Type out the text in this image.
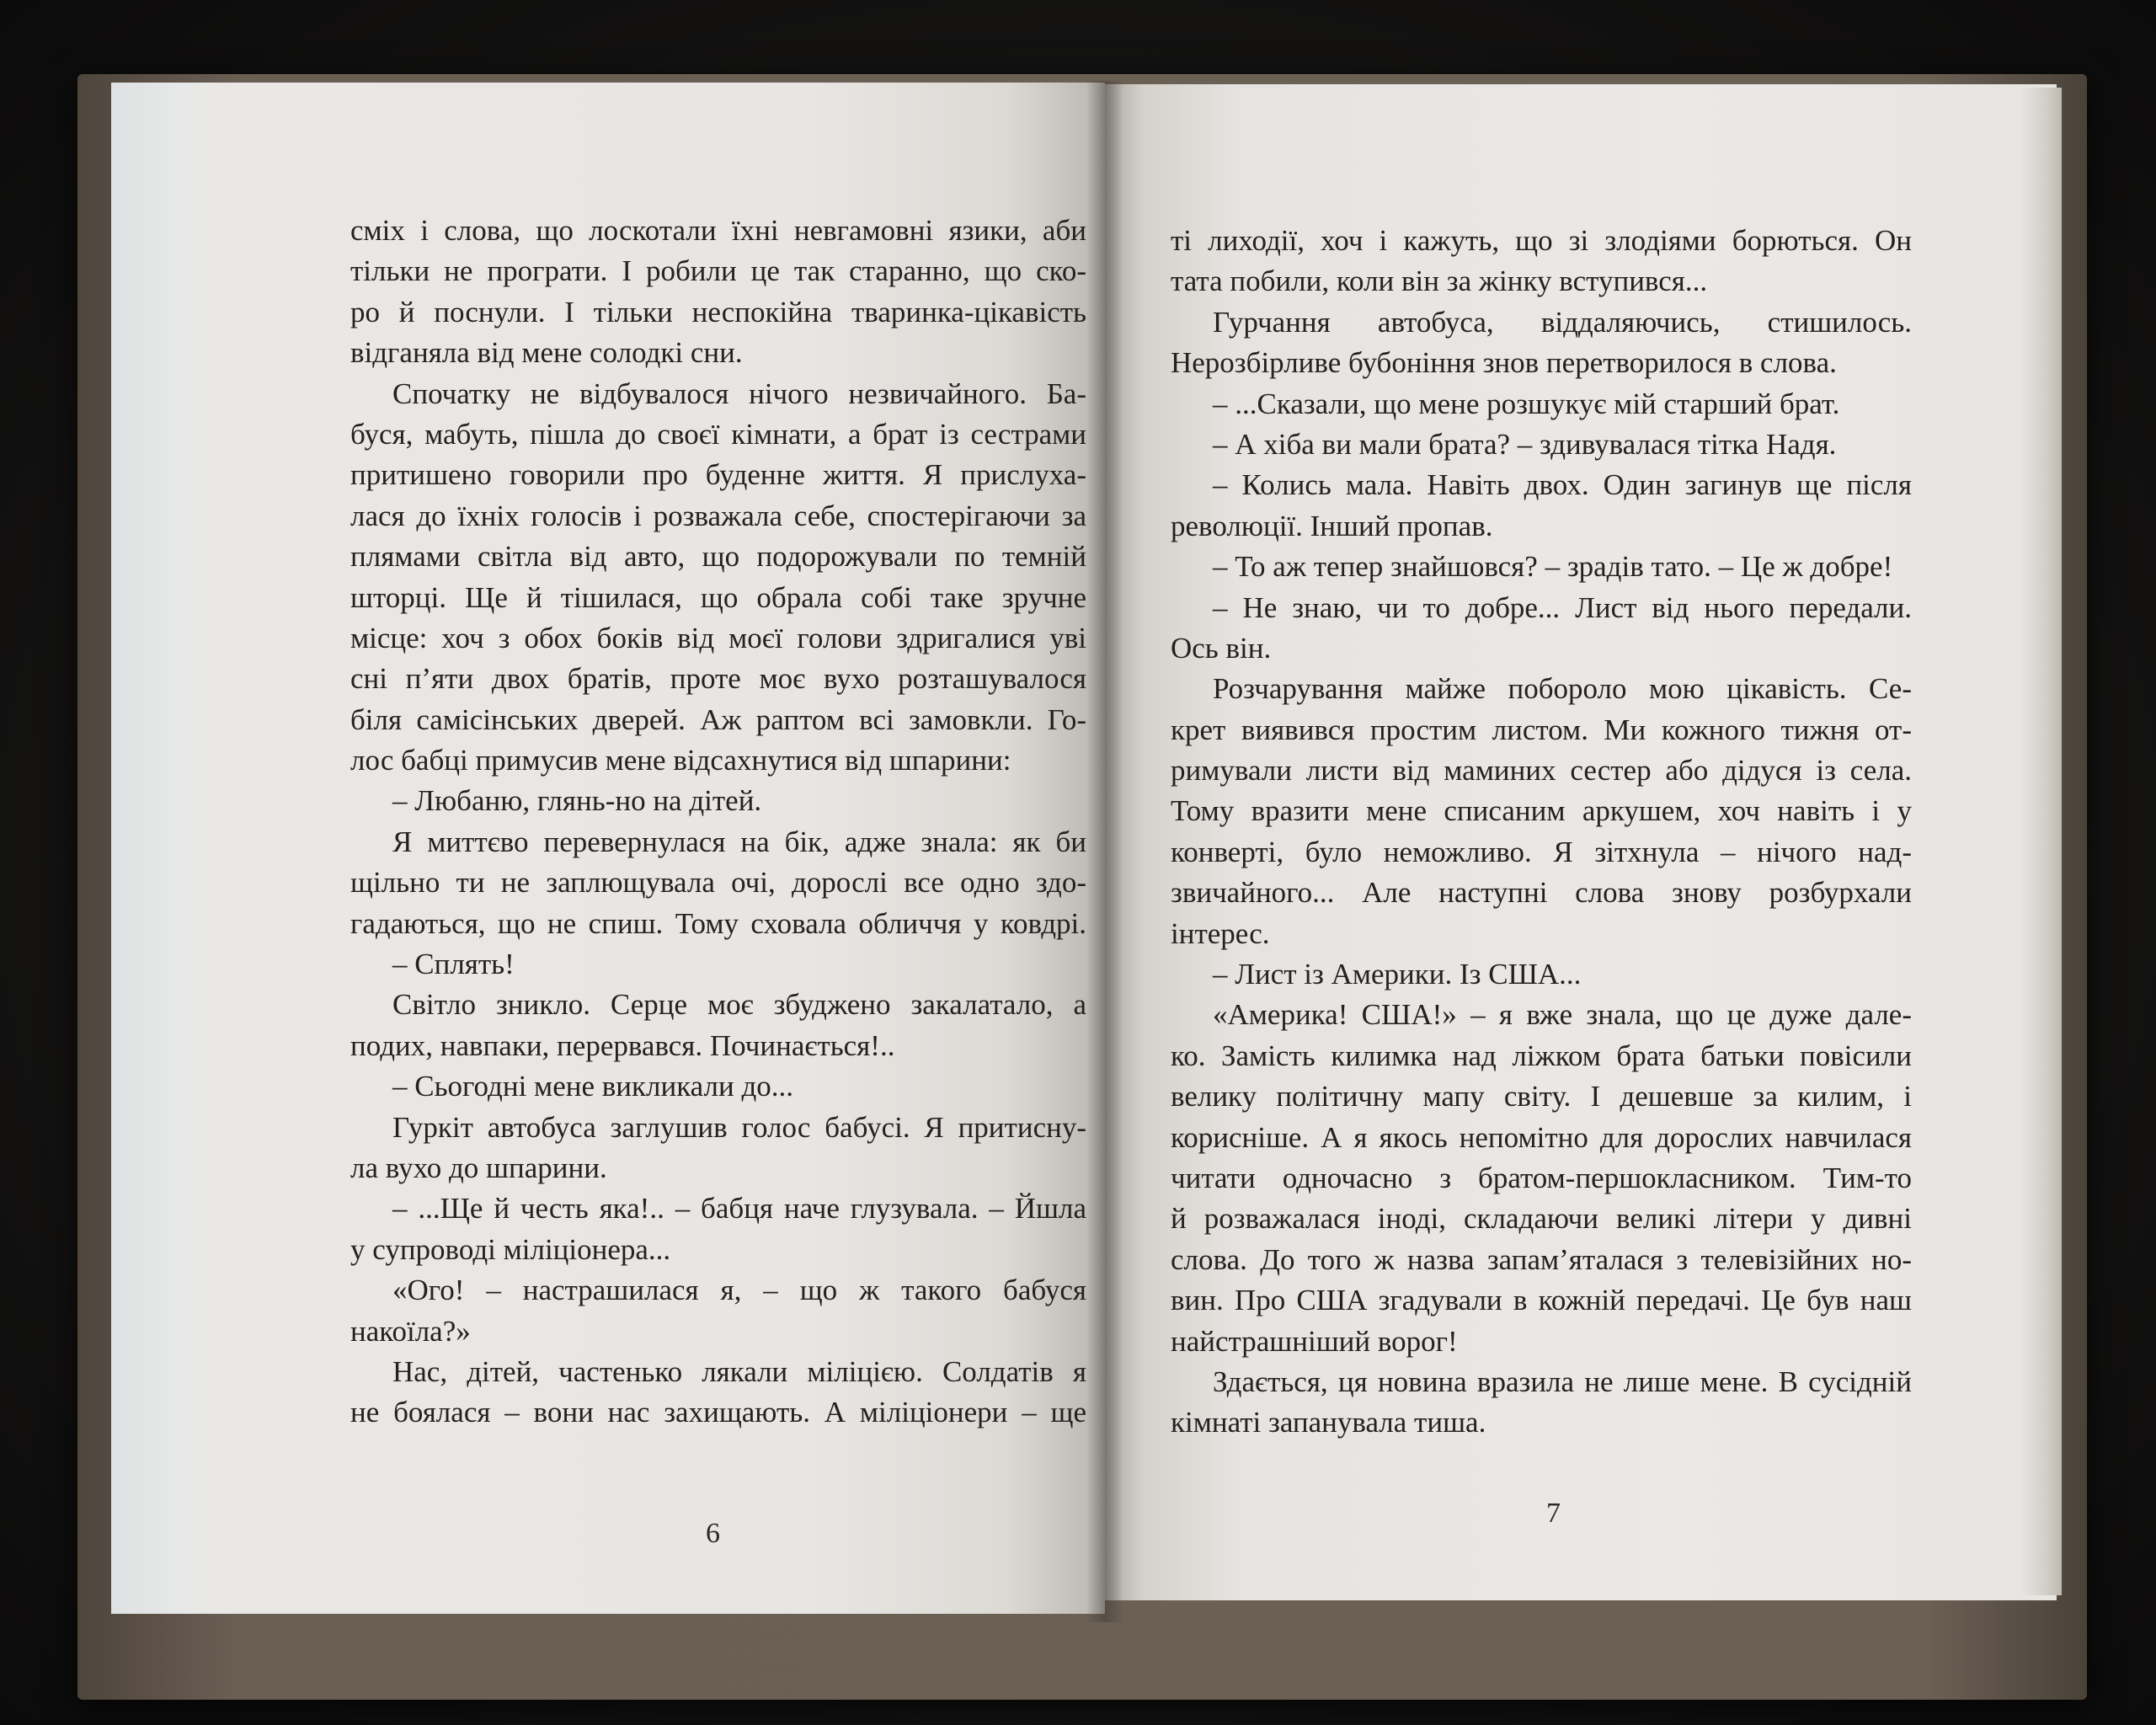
сміх і слова, що лоскотали їхні невгамовні язики, аби
тільки не програти. І робили це так старанно, що ско-
ро й поснули. І тільки неспокійна тваринка-цікавість
відганяла від мене солодкі сни.
Спочатку не відбувалося нічого незвичайного. Ба-
буся, мабуть, пішла до своєї кімнати, а брат із сестрами
притишено говорили про буденне життя. Я прислуха-
лася до їхніх голосів і розважала себе, спостерігаючи за
плямами світла від авто, що подорожували по темній
шторці. Ще й тішилася, що обрала собі таке зручне
місце: хоч з обох боків від моєї голови здригалися уві
сні п’яти двох братів, проте моє вухо розташувалося
біля самісінських дверей. Аж раптом всі замовкли. Го-
лос бабці примусив мене відсахнутися від шпарини:
– Любаню, глянь-но на дітей.
Я миттєво перевернулася на бік, адже знала: як би
щільно ти не заплющувала очі, дорослі все одно здо-
гадаються, що не спиш. Тому сховала обличчя у ковдрі.
– Сплять!
Світло зникло. Серце моє збуджено закалатало, а
подих, навпаки, перервався. Починається!..
– Сьогодні мене викликали до...
Гуркіт автобуса заглушив голос бабусі. Я притисну-
ла вухо до шпарини.
– ...Ще й честь яка!.. – бабця наче глузувала. – Йшла
у супроводі міліціонера...
«Ого! – настрашилася я, – що ж такого бабуся
накоїла?»
Нас, дітей, частенько лякали міліцією. Солдатів я
не боялася – вони нас захищають. А міліціонери – ще
ті лиходії, хоч і кажуть, що зі злодіями борються. Он
тата побили, коли він за жінку вступився...
Гурчання автобуса, віддаляючись, стишилось.
Нерозбірливе бубоніння знов перетворилося в слова.
– ...Сказали, що мене розшукує мій старший брат.
– А хіба ви мали брата? – здивувалася тітка Надя.
– Колись мала. Навіть двох. Один загинув ще після
революції. Інший пропав.
– То аж тепер знайшовся? – зрадів тато. – Це ж добре!
– Не знаю, чи то добре... Лист від нього передали.
Ось він.
Розчарування майже поборолo мою цікавість. Се-
крет виявився простим листом. Ми кожного тижня от-
римували листи від маминих сестер або дідуся із села.
Тому вразити мене списаним аркушем, хоч навіть і у
конверті, було неможливо. Я зітхнула – нічого над-
звичайного... Але наступні слова знову розбурхали
інтерес.
– Лист із Америки. Із США...
«Америка! США!» – я вже знала, що це дуже дале-
ко. Замість килимка над ліжком брата батьки повісили
велику політичну мапу світу. І дешевше за килим, і
корисніше. А я якось непомітно для дорослих навчилася
читати одночасно з братом-першокласником. Тим-то
й розважалася іноді, складаючи великі літери у дивні
слова. До того ж назва запам’яталася з телевізійних но-
вин. Про США згадували в кожній передачі. Це був наш
найстрашніший ворог!
Здається, ця новина вразила не лише мене. В сусідній
кімнаті запанувала тиша.
6
7
